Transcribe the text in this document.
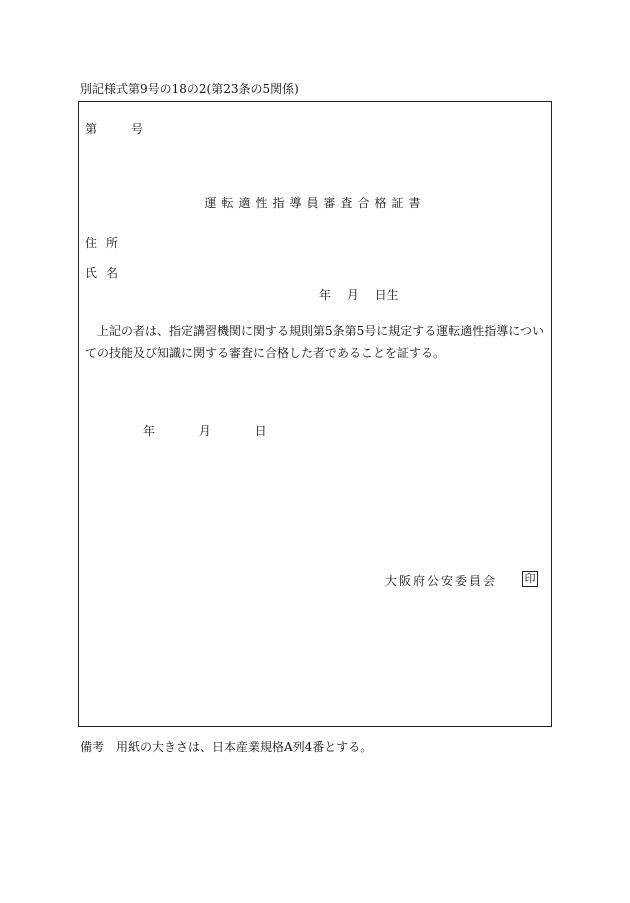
別記様式第9号の18の2(第23条の5関係)
第	号
運転適性指導員審査合格証書
住所
氏名
年 月 日生
上記の者は、指定講習機関に関する規則第5条第5号に規定する運転適性指導についての技能及び知識に関する審査に合格した者であることを証する。
年 月 日
大阪府公安委員会 印
備考　用紙の大きさは、日本産業規格A列4番とする。
